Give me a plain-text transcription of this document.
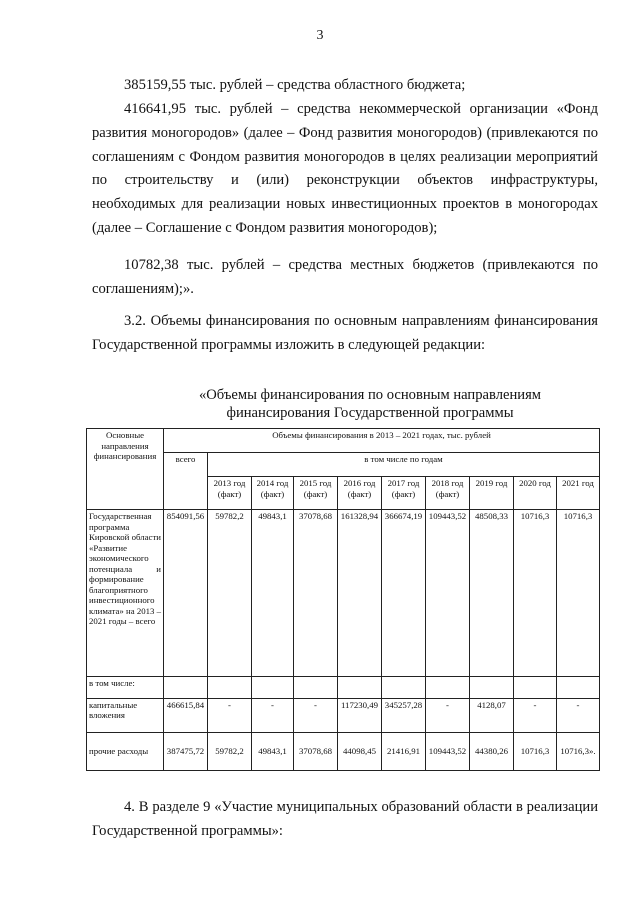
3

385159,55 тыс. рублей – средства областного бюджета;

416641,95 тыс. рублей – средства некоммерческой организации «Фонд развития моногородов» (далее – Фонд развития моногородов) (привлекаются по соглашениям с Фондом развития моногородов в целях реализации мероприятий по строительству и (или) реконструкции объектов инфраструктуры, необходимых для реализации новых инвестиционных проектов в моногородах (далее – Соглашение с Фондом развития моногородов);

10782,38 тыс. рублей – средства местных бюджетов (привлекаются по соглашениям);».

3.2. Объемы финансирования по основным направлениям финансирования Государственной программы изложить в следующей редакции:

«Объемы финансирования по основным направлениям
финансирования Государственной программы
Основные направления финансирования	Объемы финансирования в 2013 – 2021 годах, тыс. рублей									
	всего	в том числе по годам								
		2013 год (факт)	2014 год (факт)	2015 год (факт)	2016 год (факт)	2017 год (факт)	2018 год (факт)	2019 год	2020 год	2021 год
Государственная программа Кировской области «Развитие экономического потенциала и формирование благоприятного инвестиционного климата» на 2013 – 2021 годы – всего	854091,56	59782,2	49843,1	37078,68	161328,94	366674,19	109443,52	48508,33	10716,3	10716,3
в том числе:										
капитальные вложения	466615,84	-	-	-	117230,49	345257,28	-	4128,07	-	-
прочие расходы	387475,72	59782,2	49843,1	37078,68	44098,45	21416,91	109443,52	44380,26	10716,3	10716,3».

4. В разделе 9 «Участие муниципальных образований области в реализации Государственной программы»:
